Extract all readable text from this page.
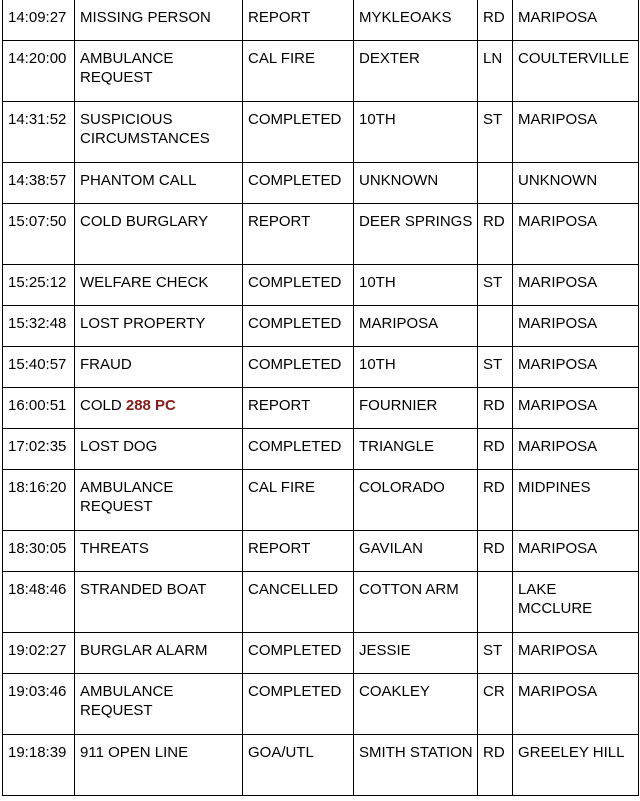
14:09:27	MISSING PERSON	REPORT	MYKLEOAKS	RD	MARIPOSA
14:20:00	AMBULANCE REQUEST	CAL FIRE	DEXTER	LN	COULTERVILLE
14:31:52	SUSPICIOUS CIRCUMSTANCES	COMPLETED	10TH	ST	MARIPOSA
14:38:57	PHANTOM CALL	COMPLETED	UNKNOWN		UNKNOWN
15:07:50	COLD BURGLARY	REPORT	DEER SPRINGS	RD	MARIPOSA
15:25:12	WELFARE CHECK	COMPLETED	10TH	ST	MARIPOSA
15:32:48	LOST PROPERTY	COMPLETED	MARIPOSA		MARIPOSA
15:40:57	FRAUD	COMPLETED	10TH	ST	MARIPOSA
16:00:51	COLD 288 PC	REPORT	FOURNIER	RD	MARIPOSA
17:02:35	LOST DOG	COMPLETED	TRIANGLE	RD	MARIPOSA
18:16:20	AMBULANCE REQUEST	CAL FIRE	COLORADO	RD	MIDPINES
18:30:05	THREATS	REPORT	GAVILAN	RD	MARIPOSA
18:48:46	STRANDED BOAT	CANCELLED	COTTON ARM		LAKE MCCLURE
19:02:27	BURGLAR ALARM	COMPLETED	JESSIE	ST	MARIPOSA
19:03:46	AMBULANCE REQUEST	COMPLETED	COAKLEY	CR	MARIPOSA
19:18:39	911 OPEN LINE	GOA/UTL	SMITH STATION	RD	GREELEY HILL
